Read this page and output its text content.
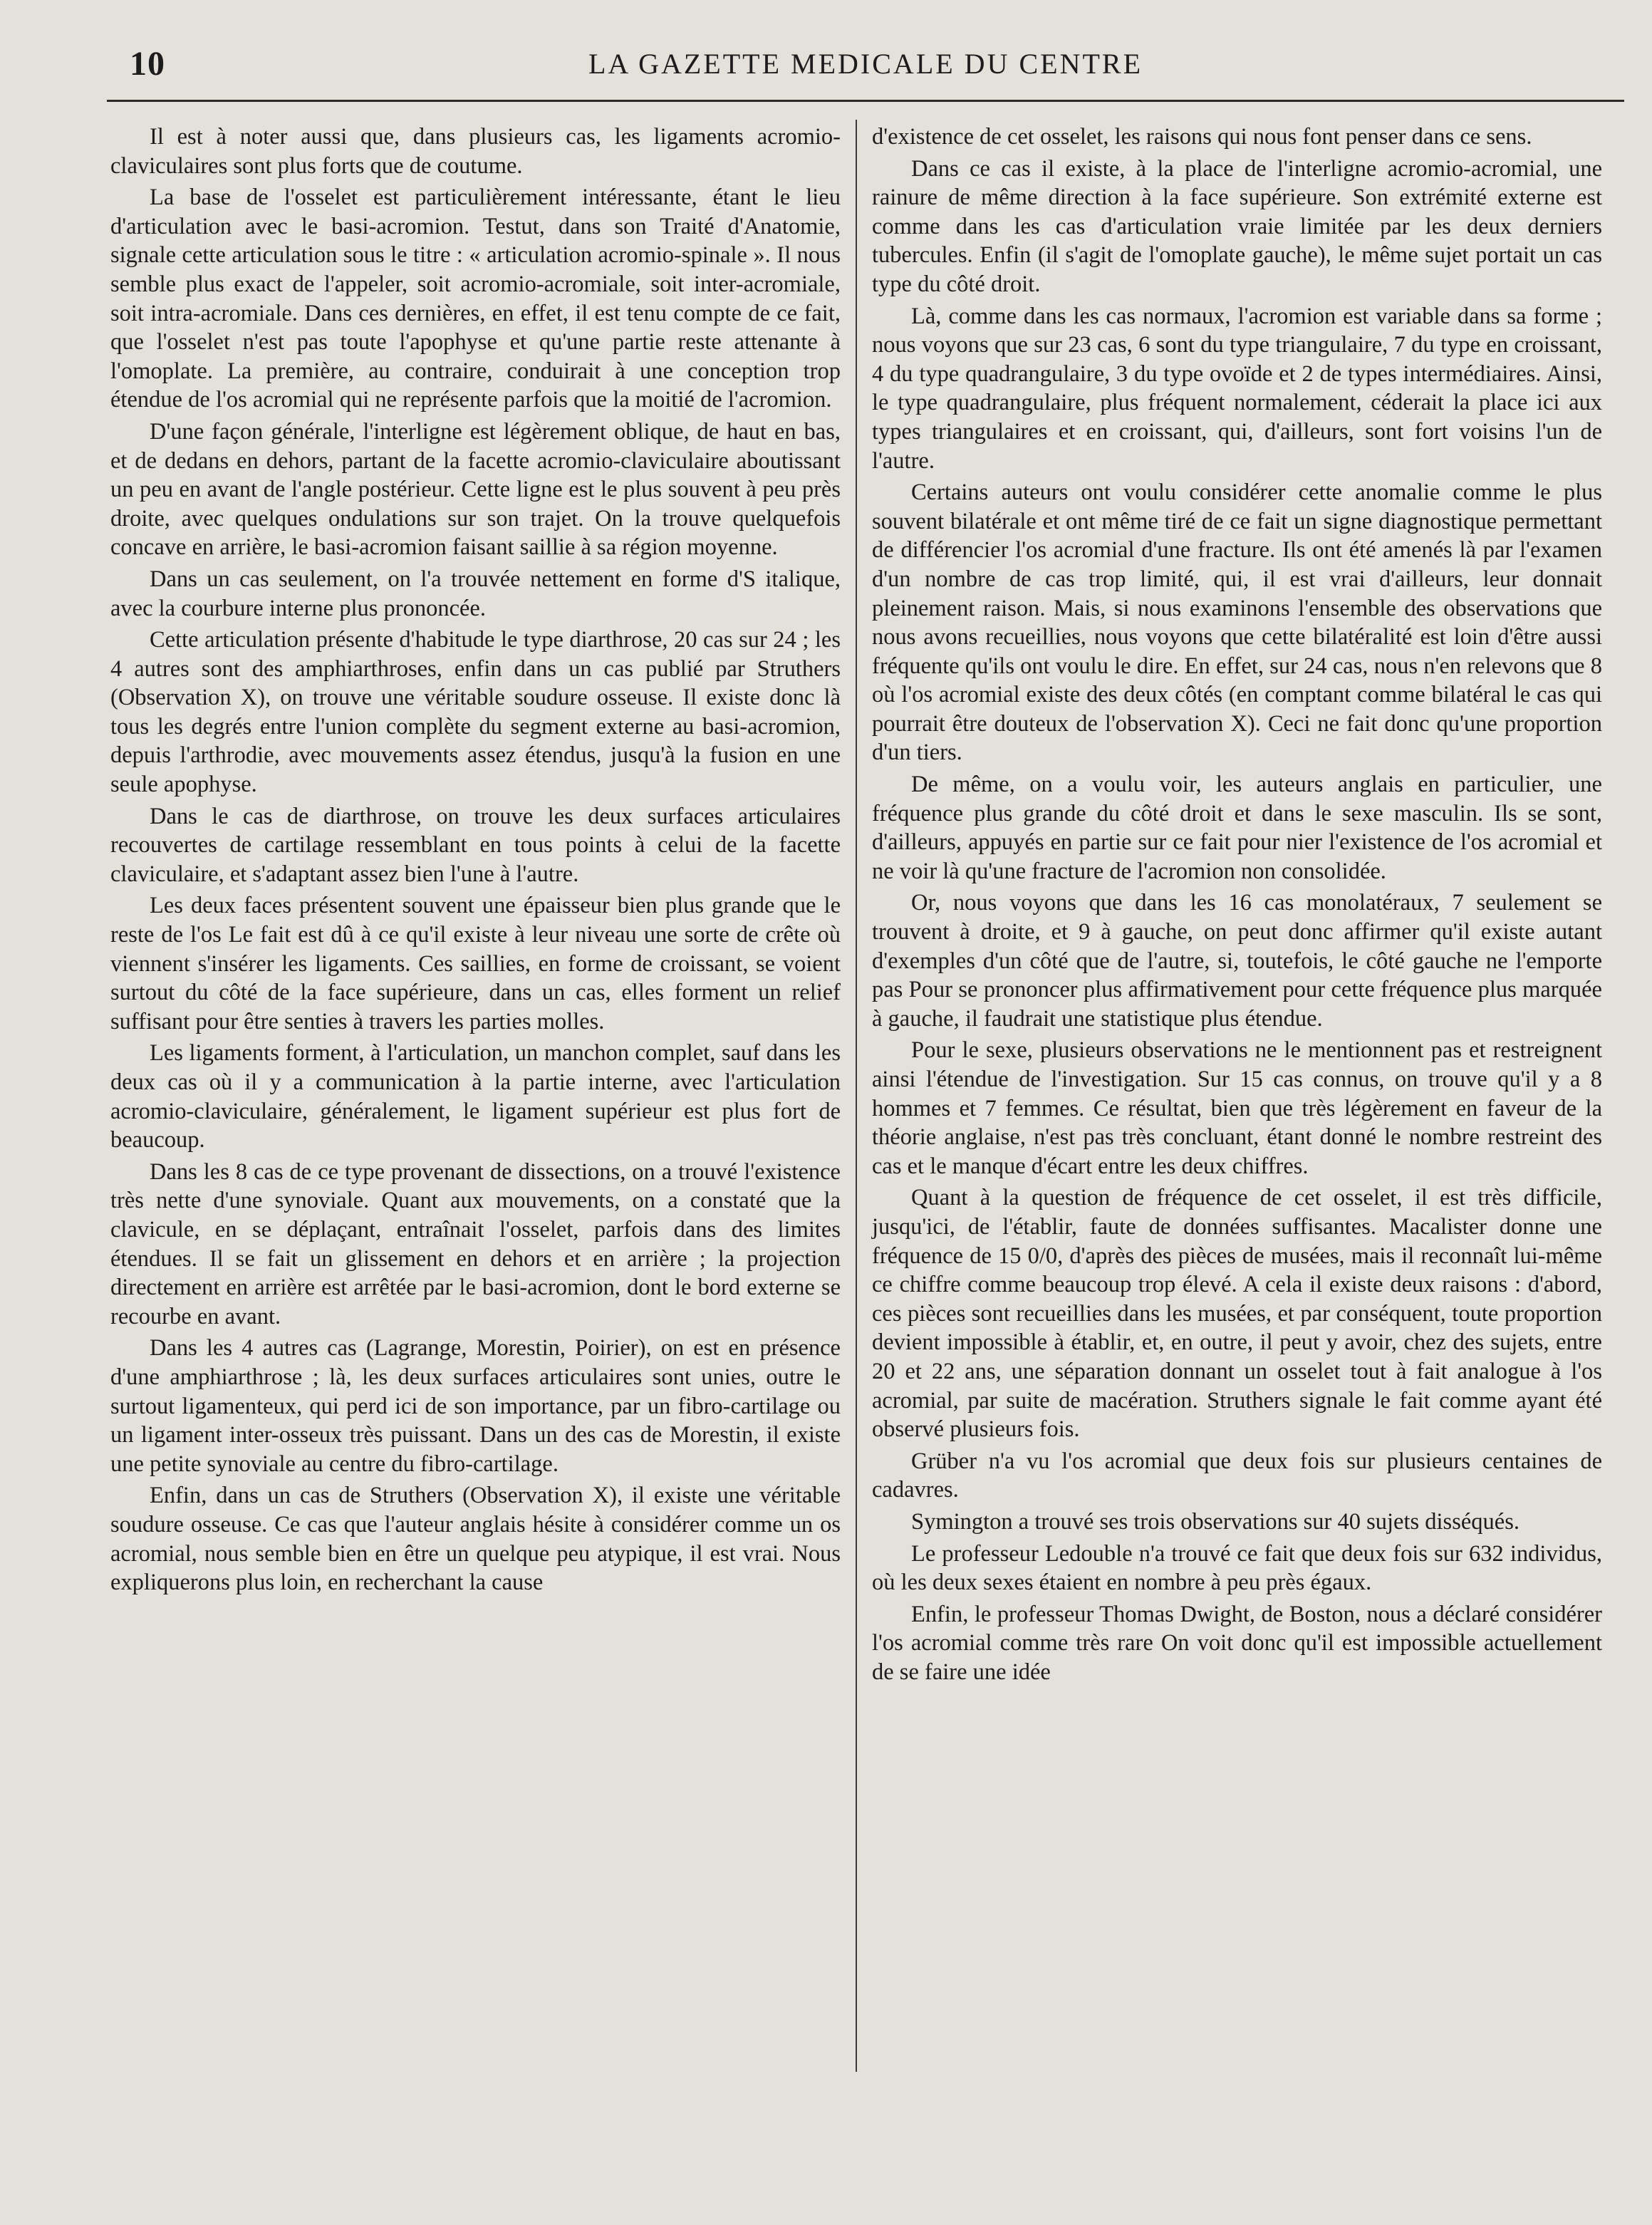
10	LA GAZETTE MEDICALE DU CENTRE

Il est à noter aussi que, dans plusieurs cas, les ligaments acromio-claviculaires sont plus forts que de coutume.

La base de l'osselet est particulièrement intéressante, étant le lieu d'articulation avec le basi-acromion. Testut, dans son Traité d'Anatomie, signale cette articulation sous le titre : « articulation acromio-spinale ». Il nous semble plus exact de l'appeler, soit acromio-acromiale, soit inter-acromiale, soit intra-acromiale. Dans ces dernières, en effet, il est tenu compte de ce fait, que l'osselet n'est pas toute l'apophyse et qu'une partie reste attenante à l'omoplate. La première, au contraire, conduirait à une conception trop étendue de l'os acromial qui ne représente parfois que la moitié de l'acromion.

D'une façon générale, l'interligne est légèrement oblique, de haut en bas, et de dedans en dehors, partant de la facette acromio-claviculaire aboutissant un peu en avant de l'angle postérieur. Cette ligne est le plus souvent à peu près droite, avec quelques ondulations sur son trajet. On la trouve quelquefois concave en arrière, le basi-acromion faisant saillie à sa région moyenne.

Dans un cas seulement, on l'a trouvée nettement en forme d'S italique, avec la courbure interne plus prononcée.

Cette articulation présente d'habitude le type diarthrose, 20 cas sur 24 ; les 4 autres sont des amphiarthroses, enfin dans un cas publié par Struthers (Observation X), on trouve une véritable soudure osseuse. Il existe donc là tous les degrés entre l'union complète du segment externe au basi-acromion, depuis l'arthrodie, avec mouvements assez étendus, jusqu'à la fusion en une seule apophyse.

Dans le cas de diarthrose, on trouve les deux surfaces articulaires recouvertes de cartilage ressemblant en tous points à celui de la facette claviculaire, et s'adaptant assez bien l'une à l'autre.

Les deux faces présentent souvent une épaisseur bien plus grande que le reste de l'os Le fait est dû à ce qu'il existe à leur niveau une sorte de crête où viennent s'insérer les ligaments. Ces saillies, en forme de croissant, se voient surtout du côté de la face supérieure, dans un cas, elles forment un relief suffisant pour être senties à travers les parties molles.

Les ligaments forment, à l'articulation, un manchon complet, sauf dans les deux cas où il y a communication à la partie interne, avec l'articulation acromio-claviculaire, généralement, le ligament supérieur est plus fort de beaucoup.

Dans les 8 cas de ce type provenant de dissections, on a trouvé l'existence très nette d'une synoviale. Quant aux mouvements, on a constaté que la clavicule, en se déplaçant, entraînait l'osselet, parfois dans des limites étendues. Il se fait un glissement en dehors et en arrière ; la projection directement en arrière est arrêtée par le basi-acromion, dont le bord externe se recourbe en avant.

Dans les 4 autres cas (Lagrange, Morestin, Poirier), on est en présence d'une amphiarthrose ; là, les deux surfaces articulaires sont unies, outre le surtout ligamenteux, qui perd ici de son importance, par un fibro-cartilage ou un ligament inter-osseux très puissant. Dans un des cas de Morestin, il existe une petite synoviale au centre du fibro-cartilage.

Enfin, dans un cas de Struthers (Observation X), il existe une véritable soudure osseuse. Ce cas que l'auteur anglais hésite à considérer comme un os acromial, nous semble bien en être un quelque peu atypique, il est vrai. Nous expliquerons plus loin, en recherchant la cause

d'existence de cet osselet, les raisons qui nous font penser dans ce sens.

Dans ce cas il existe, à la place de l'interligne acromio-acromial, une rainure de même direction à la face supérieure. Son extrémité externe est comme dans les cas d'articulation vraie limitée par les deux derniers tubercules. Enfin (il s'agit de l'omoplate gauche), le même sujet portait un cas type du côté droit.

Là, comme dans les cas normaux, l'acromion est variable dans sa forme ; nous voyons que sur 23 cas, 6 sont du type triangulaire, 7 du type en croissant, 4 du type quadrangulaire, 3 du type ovoïde et 2 de types intermédiaires. Ainsi, le type quadrangulaire, plus fréquent normalement, céderait la place ici aux types triangulaires et en croissant, qui, d'ailleurs, sont fort voisins l'un de l'autre.

Certains auteurs ont voulu considérer cette anomalie comme le plus souvent bilatérale et ont même tiré de ce fait un signe diagnostique permettant de différencier l'os acromial d'une fracture. Ils ont été amenés là par l'examen d'un nombre de cas trop limité, qui, il est vrai d'ailleurs, leur donnait pleinement raison. Mais, si nous examinons l'ensemble des observations que nous avons recueillies, nous voyons que cette bilatéralité est loin d'être aussi fréquente qu'ils ont voulu le dire. En effet, sur 24 cas, nous n'en relevons que 8 où l'os acromial existe des deux côtés (en comptant comme bilatéral le cas qui pourrait être douteux de l'observation X). Ceci ne fait donc qu'une proportion d'un tiers.

De même, on a voulu voir, les auteurs anglais en particulier, une fréquence plus grande du côté droit et dans le sexe masculin. Ils se sont, d'ailleurs, appuyés en partie sur ce fait pour nier l'existence de l'os acromial et ne voir là qu'une fracture de l'acromion non consolidée.

Or, nous voyons que dans les 16 cas monolatéraux, 7 seulement se trouvent à droite, et 9 à gauche, on peut donc affirmer qu'il existe autant d'exemples d'un côté que de l'autre, si, toutefois, le côté gauche ne l'emporte pas Pour se prononcer plus affirmativement pour cette fréquence plus marquée à gauche, il faudrait une statistique plus étendue.

Pour le sexe, plusieurs observations ne le mentionnent pas et restreignent ainsi l'étendue de l'investigation. Sur 15 cas connus, on trouve qu'il y a 8 hommes et 7 femmes. Ce résultat, bien que très légèrement en faveur de la théorie anglaise, n'est pas très concluant, étant donné le nombre restreint des cas et le manque d'écart entre les deux chiffres.

Quant à la question de fréquence de cet osselet, il est très difficile, jusqu'ici, de l'établir, faute de données suffisantes. Macalister donne une fréquence de 15 0/0, d'après des pièces de musées, mais il reconnaît lui-même ce chiffre comme beaucoup trop élevé. A cela il existe deux raisons : d'abord, ces pièces sont recueillies dans les musées, et par conséquent, toute proportion devient impossible à établir, et, en outre, il peut y avoir, chez des sujets, entre 20 et 22 ans, une séparation donnant un osselet tout à fait analogue à l'os acromial, par suite de macération. Struthers signale le fait comme ayant été observé plusieurs fois.

Grüber n'a vu l'os acromial que deux fois sur plusieurs centaines de cadavres.

Symington a trouvé ses trois observations sur 40 sujets disséqués.

Le professeur Ledouble n'a trouvé ce fait que deux fois sur 632 individus, où les deux sexes étaient en nombre à peu près égaux.

Enfin, le professeur Thomas Dwight, de Boston, nous a déclaré considérer l'os acromial comme très rare On voit donc qu'il est impossible actuellement de se faire une idée
